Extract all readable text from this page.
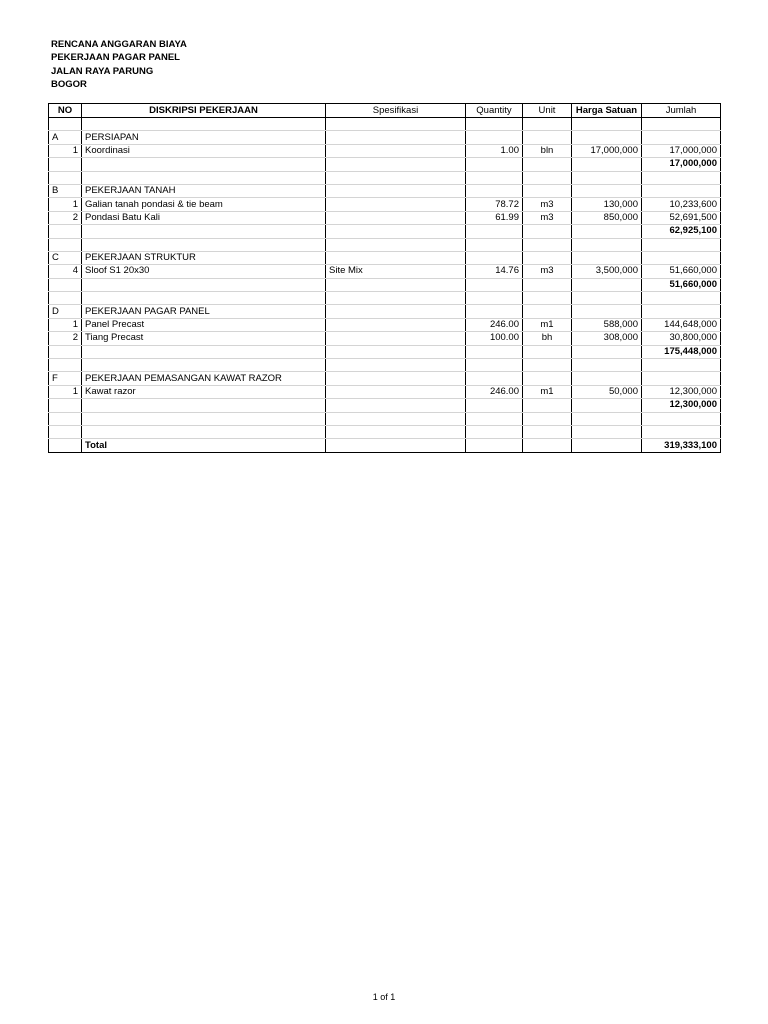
RENCANA ANGGARAN BIAYA
PEKERJAAN PAGAR PANEL
JALAN RAYA PARUNG
BOGOR
NO	DISKRIPSI PEKERJAAN	Spesifikasi	Quantity	Unit	Harga Satuan	Jumlah

A	PERSIAPAN					
1	Koordinasi		1.00	bln	17,000,000	17,000,000
						17,000,000

B	PEKERJAAN TANAH					
1	Galian tanah pondasi & tie beam		78.72	m3	130,000	10,233,600
2	Pondasi Batu Kali		61.99	m3	850,000	52,691,500
						62,925,100

C	PEKERJAAN STRUKTUR					
4	Sloof S1 20x30	Site Mix	14.76	m3	3,500,000	51,660,000
						51,660,000

D	PEKERJAAN PAGAR PANEL					
1	Panel Precast		246.00	m1	588,000	144,648,000
2	Tiang Precast		100.00	bh	308,000	30,800,000
						175,448,000

F	PEKERJAAN PEMASANGAN KAWAT RAZOR					
1	Kawat razor		246.00	m1	50,000	12,300,000
						12,300,000

	Total					319,333,100
1 of 1
